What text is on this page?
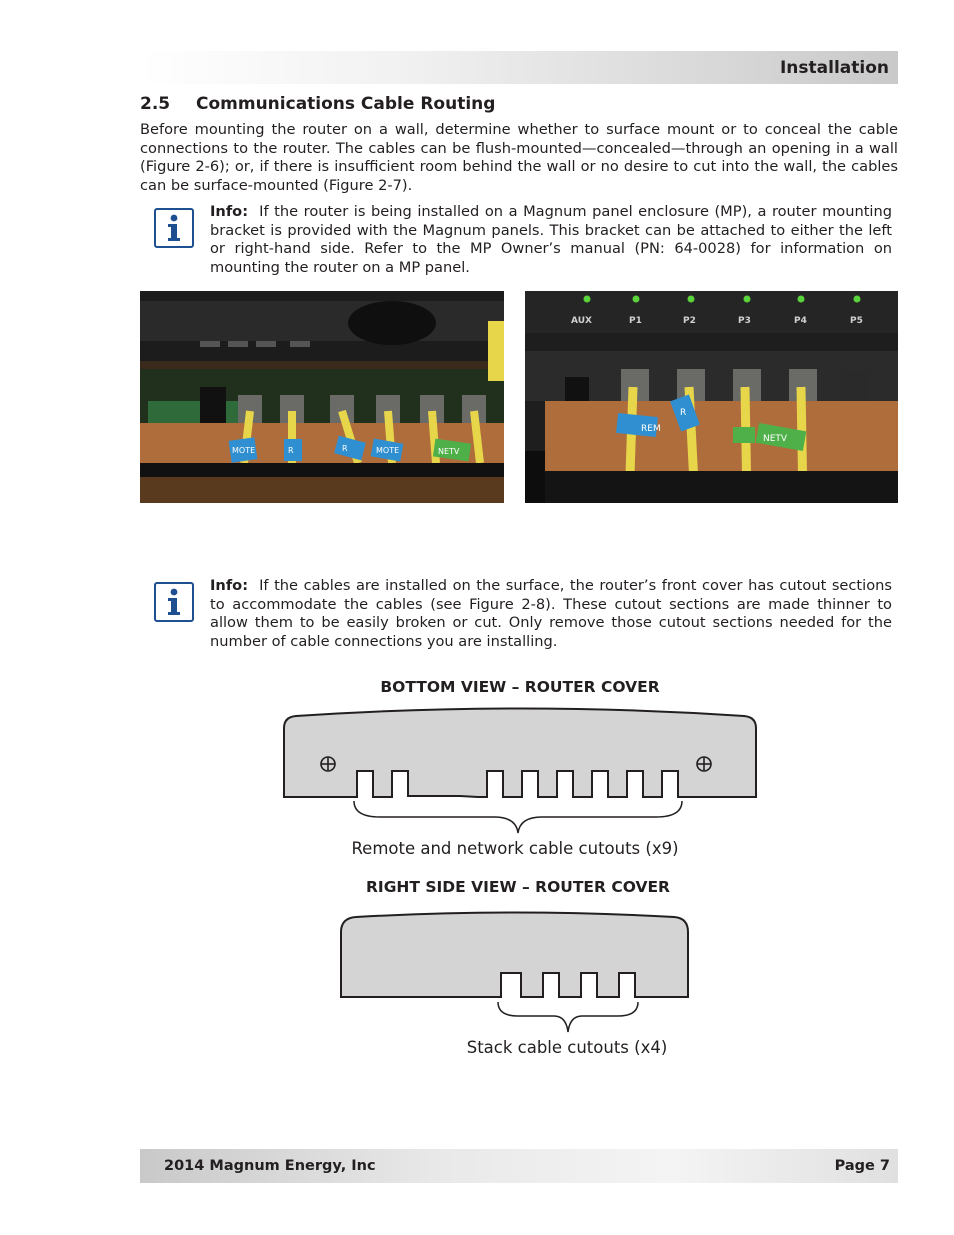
Installation
2.5 Communications Cable Routing

Before mounting the router on a wall, determine whether to surface mount or to conceal the cable connections to the router. The cables can be flush-mounted—concealed—through an opening in a wall (Figure 2-6); or, if there is insufficient room behind the wall or no desire to cut into the wall, the cables can be surface-mounted (Figure 2-7).

Info: If the router is being installed on a Magnum panel enclosure (MP), a router mounting bracket is provided with the Magnum panels. This bracket can be attached to either the left or right-hand side. Refer to the MP Owner’s manual (PN: 64-0028) for information on mounting the router on a MP panel.

MOTE	R	R	MOTE	NETV
AUX	P1	P2	P3	P4	P5
REM
R
NETV

Info: If the cables are installed on the surface, the router’s front cover has cutout sections to accommodate the cables (see Figure 2-8). These cutout sections are made thinner to allow them to be easily broken or cut. Only remove those cutout sections needed for the number of cable connections you are installing.

BOTTOM VIEW – ROUTER COVER
Remote and network cable cutouts (x9)
RIGHT SIDE VIEW – ROUTER COVER
Stack cable cutouts (x4)
2014 Magnum Energy, Inc	Page 7
